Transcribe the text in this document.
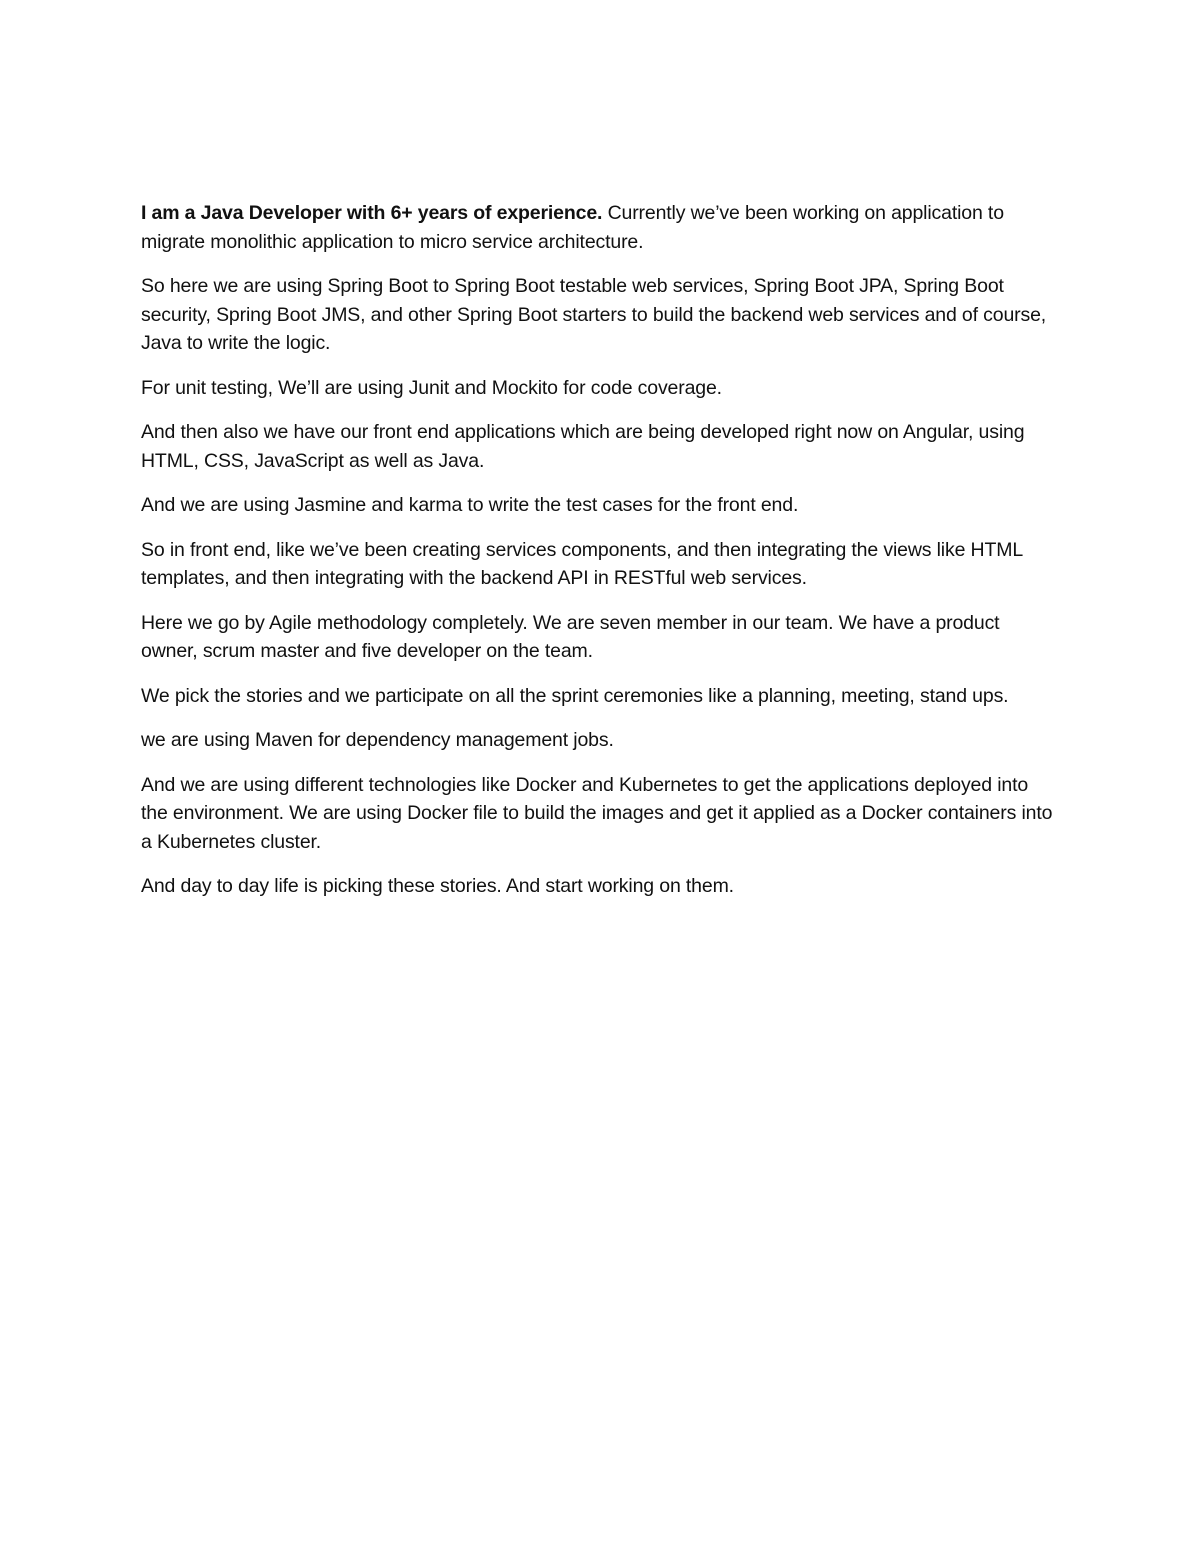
I am a Java Developer with 6+ years of experience. Currently we’ve been working on application to migrate monolithic application to micro service architecture.

So here we are using Spring Boot to Spring Boot testable web services, Spring Boot JPA, Spring Boot security, Spring Boot JMS, and other Spring Boot starters to build the backend web services and of course, Java to write the logic.

For unit testing, We’ll are using Junit and Mockito for code coverage.

And then also we have our front end applications which are being developed right now on Angular, using HTML, CSS, JavaScript as well as Java.

And we are using Jasmine and karma to write the test cases for the front end.

So in front end, like we’ve been creating services components, and then integrating the views like HTML templates, and then integrating with the backend API in RESTful web services.

Here we go by Agile methodology completely. We are seven member in our team. We have a product owner, scrum master and five developer on the team.

We pick the stories and we participate on all the sprint ceremonies like a planning, meeting, stand ups.

we are using Maven for dependency management jobs.

And we are using different technologies like Docker and Kubernetes to get the applications deployed into the environment. We are using Docker file to build the images and get it applied as a Docker containers into a Kubernetes cluster.

And day to day life is picking these stories. And start working on them.
